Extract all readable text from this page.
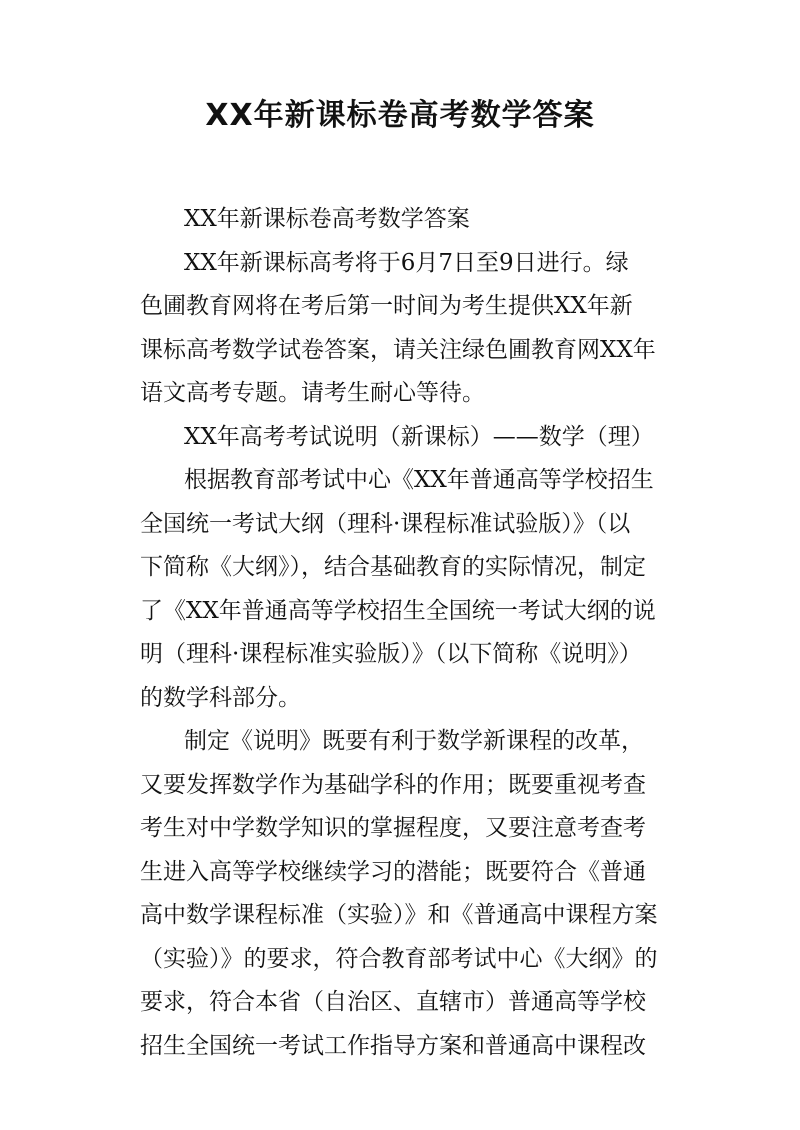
XX年新课标卷高考数学答案
XX年新课标卷高考数学答案
XX年新课标高考将于6月7日至9日进行。绿
色圃教育网将在考后第一时间为考生提供XX年新
课标高考数学试卷答案，请关注绿色圃教育网XX年
语文高考专题。请考生耐心等待。
XX年高考考试说明（新课标）——数学（理）
根据教育部考试中心《XX年普通高等学校招生
全国统一考试大纲（理科·课程标准试验版）》（以
下简称《大纲》），结合基础教育的实际情况，制定
了《XX年普通高等学校招生全国统一考试大纲的说
明（理科·课程标准实验版）》（以下简称《说明》）
的数学科部分。
制定《说明》既要有利于数学新课程的改革，
又要发挥数学作为基础学科的作用；既要重视考查
考生对中学数学知识的掌握程度，又要注意考查考
生进入高等学校继续学习的潜能；既要符合《普通
高中数学课程标准（实验）》和《普通高中课程方案
（实验）》的要求，符合教育部考试中心《大纲》的
要求，符合本省（自治区、直辖市）普通高等学校
招生全国统一考试工作指导方案和普通高中课程改
